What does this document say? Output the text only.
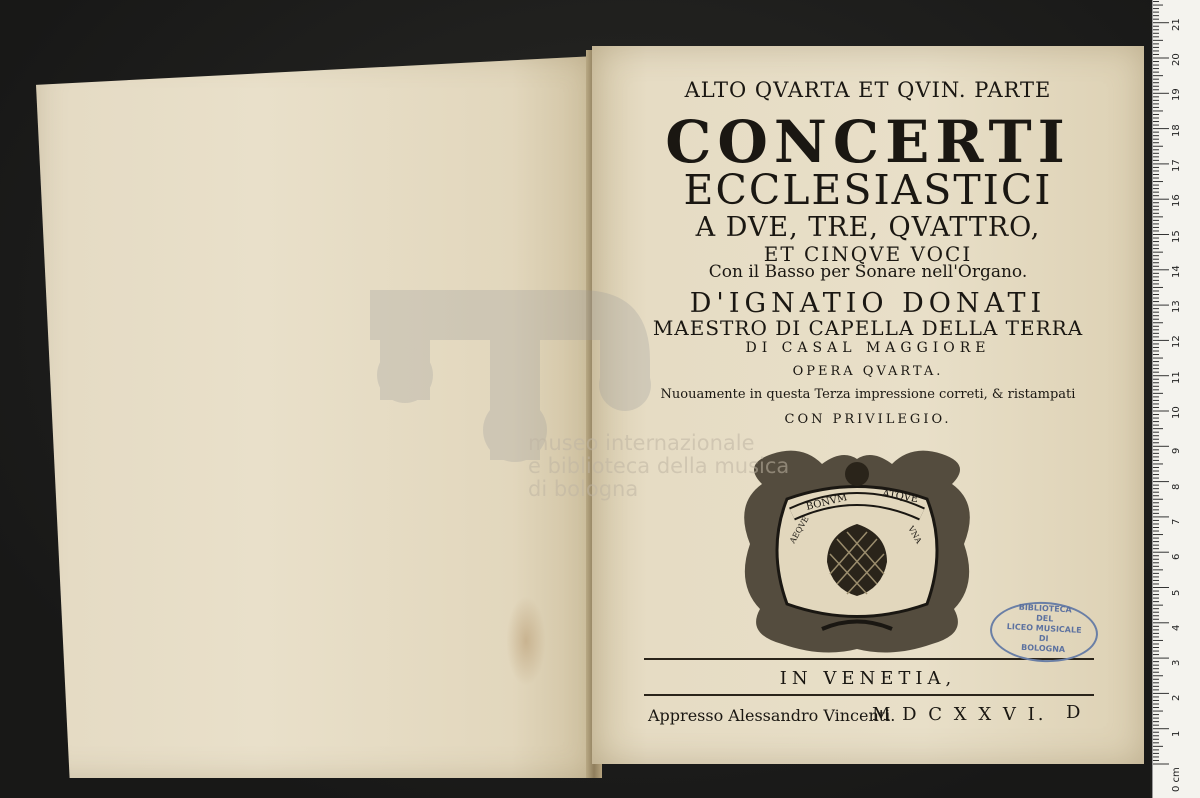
ALTO QVARTA ET QVIN. PARTE
CONCERTI
ECCLESIASTICI
A DVE, TRE, QVATTRO,
ET CINQVE VOCI
Con il Basso per Sonare nell'Organo.
D'IGNATIO DONATI
MAESTRO DI CAPELLA DELLA TERRA
DI CASAL MAGGIORE
OPERA QVARTA.
Nuouamente in questa Terza impressione correti, & ristampati
CON PRIVILEGIO.
BONVM	ATQVE
AEQVE	VNA
IN VENETIA,
Appresso Alessandro Vincenti.
M D C X X V I. D
BIBLIOTECA
DEL
LICEO MUSICALE
DI
BOLOGNA
museo internazionale
e biblioteca della musica
di bologna
0 cm
1
2
3
4
5
6
7
8
9
10
11
12
13
14
15
16
17
18
19
20
21
